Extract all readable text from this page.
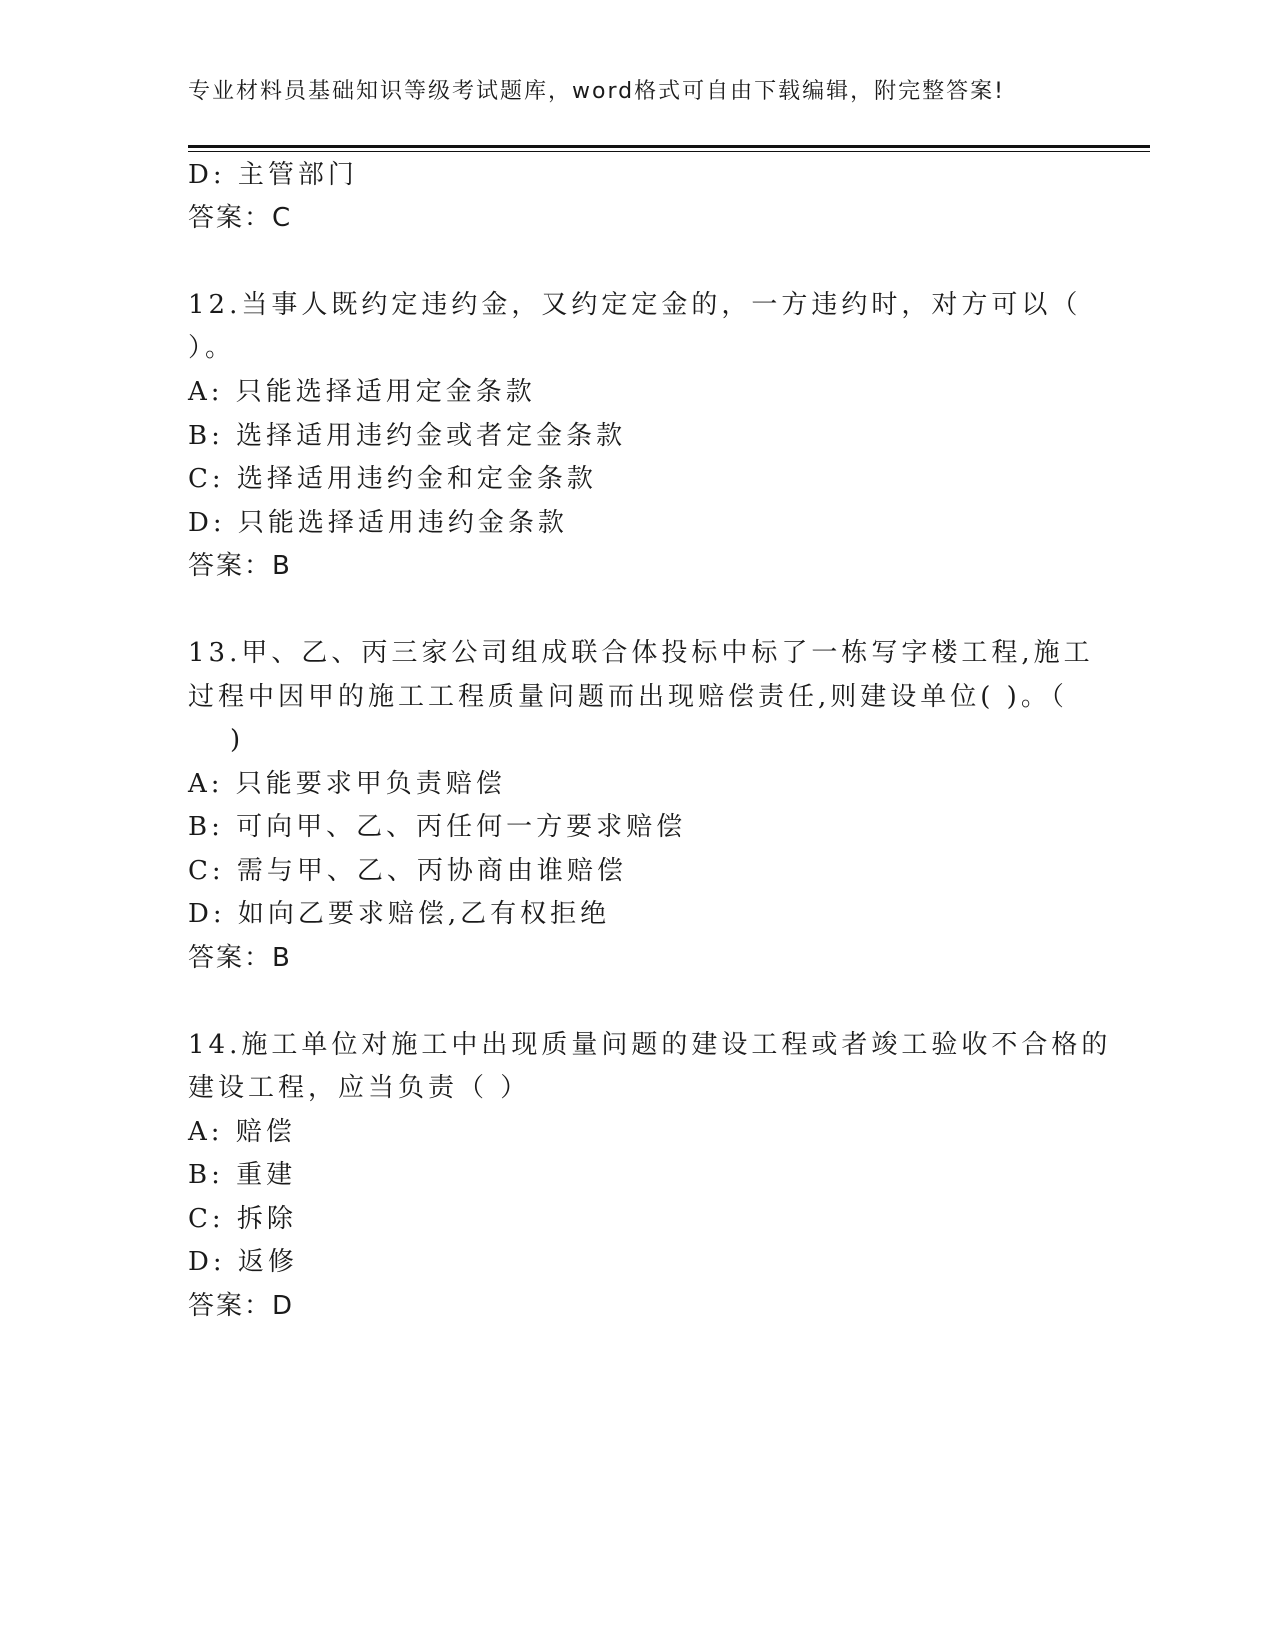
专业材料员基础知识等级考试题库，word格式可自由下载编辑，附完整答案!
D: 主管部门
答案：C
12.当事人既约定违约金，又约定定金的，一方违约时，对方可以（
）。
A: 只能选择适用定金条款
B: 选择适用违约金或者定金条款
C: 选择适用违约金和定金条款
D: 只能选择适用违约金条款
答案：B
13.甲、乙、丙三家公司组成联合体投标中标了一栋写字楼工程,施工
过程中因甲的施工工程质量问题而出现赔偿责任,则建设单位( )。（
)
A: 只能要求甲负责赔偿
B: 可向甲、乙、丙任何一方要求赔偿
C: 需与甲、乙、丙协商由谁赔偿
D: 如向乙要求赔偿,乙有权拒绝
答案：B
14.施工单位对施工中出现质量问题的建设工程或者竣工验收不合格的
建设工程，应当负责（ ）
A: 赔偿
B: 重建
C: 拆除
D: 返修
答案：D
